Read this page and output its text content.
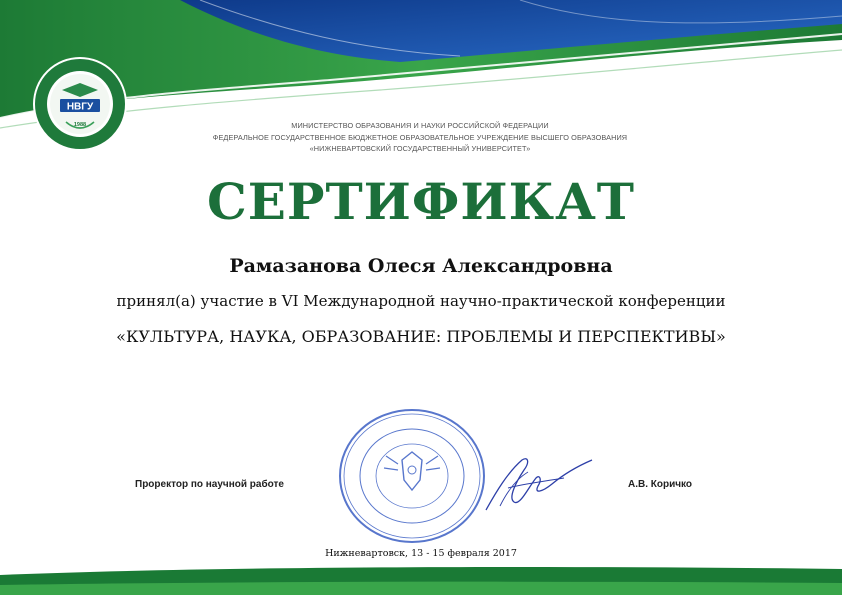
НВГУ
1988	МИНИСТЕРСТВО ОБРАЗОВАНИЯ И НАУКИ РОССИЙСКОЙ ФЕДЕРАЦИИ
ФЕДЕРАЛЬНОЕ ГОСУДАРСТВЕННОЕ БЮДЖЕТНОЕ ОБРАЗОВАТЕЛЬНОЕ УЧРЕЖДЕНИЕ ВЫСШЕГО ОБРАЗОВАНИЯ
«НИЖНЕВАРТОВСКИЙ ГОСУДАРСТВЕННЫЙ УНИВЕРСИТЕТ»
СЕРТИФИКАТ
Рамазанова Олеся Александровна
принял(а) участие в VI Международной научно-практической конференции
«КУЛЬТУРА, НАУКА, ОБРАЗОВАНИЕ: ПРОБЛЕМЫ И ПЕРСПЕКТИВЫ»
Проректор по научной работе	А.В. Коричко
Нижневартовск, 13 - 15 февраля 2017
